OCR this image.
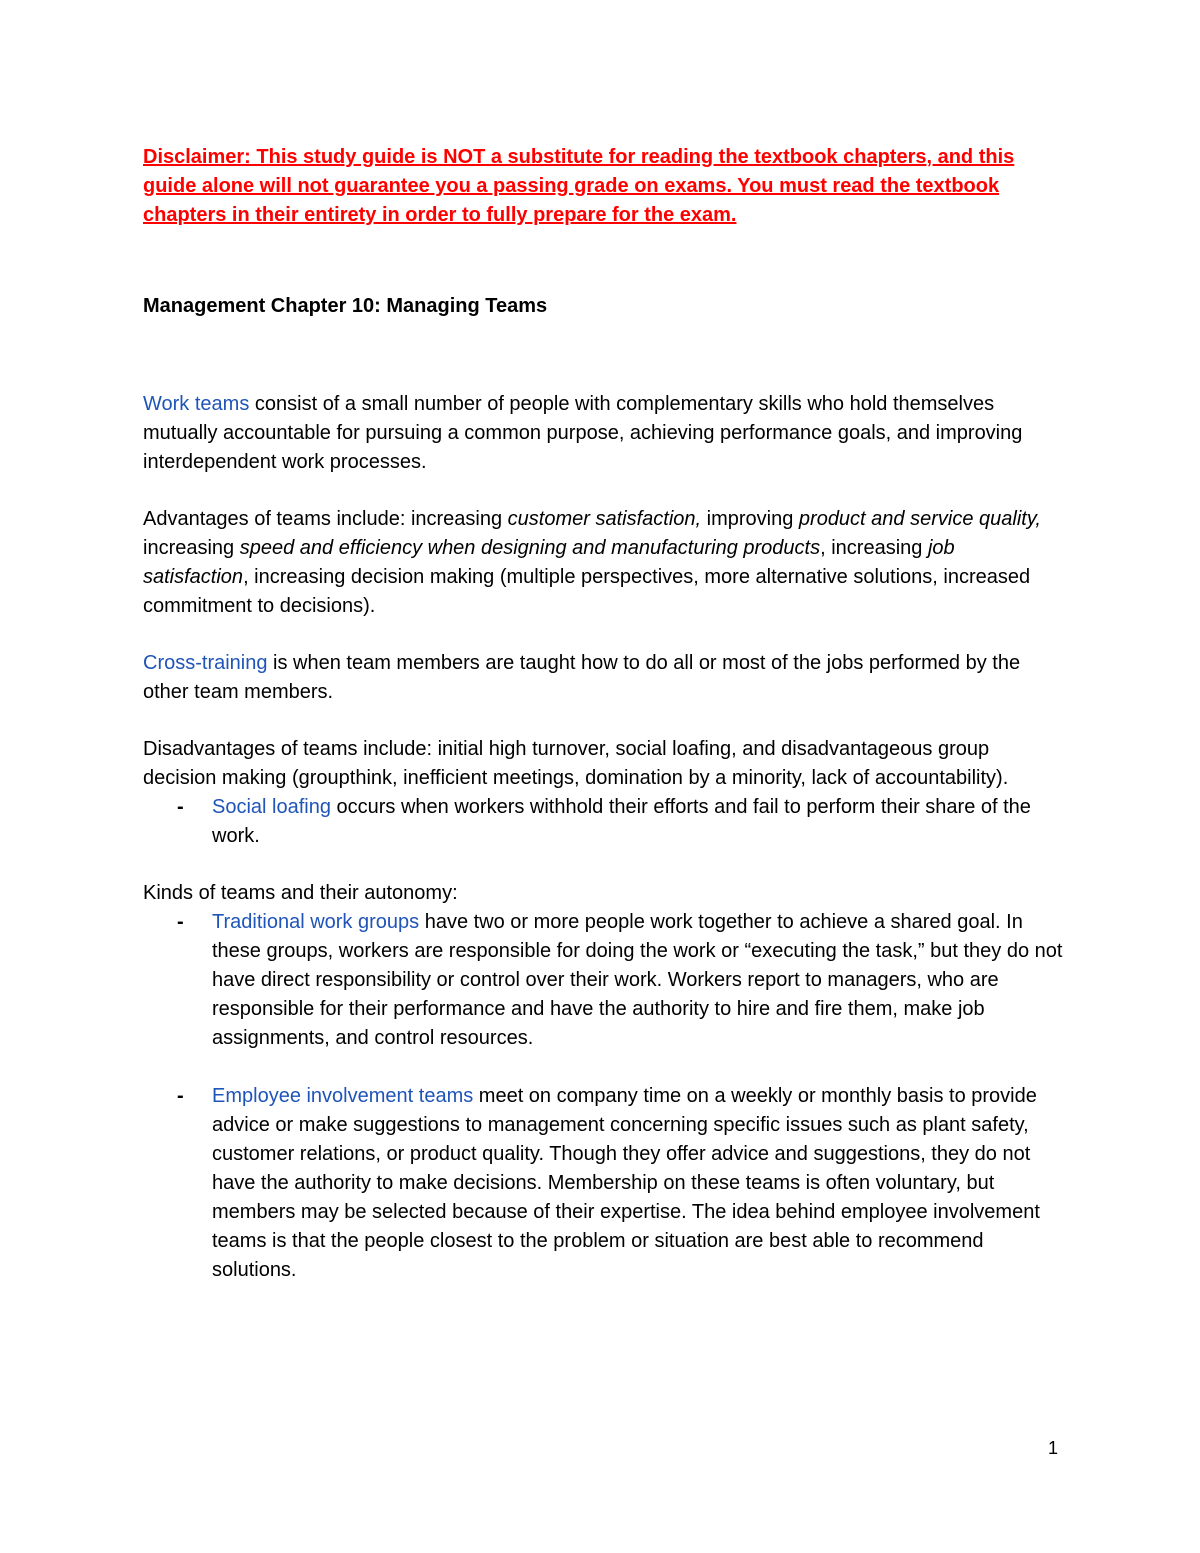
Disclaimer: This study guide is NOT a substitute for reading the textbook chapters, and this guide alone will not guarantee you a passing grade on exams. You must read the textbook chapters in their entirety in order to fully prepare for the exam.

Management Chapter 10: Managing Teams

Work teams consist of a small number of people with complementary skills who hold themselves mutually accountable for pursuing a common purpose, achieving performance goals, and improving interdependent work processes.

Advantages of teams include: increasing customer satisfaction, improving product and service quality, increasing speed and efficiency when designing and manufacturing products, increasing job satisfaction, increasing decision making (multiple perspectives, more alternative solutions, increased commitment to decisions).

Cross-training is when team members are taught how to do all or most of the jobs performed by the other team members.

Disadvantages of teams include: initial high turnover, social loafing, and disadvantageous group decision making (groupthink, inefficient meetings, domination by a minority, lack of accountability).

- Social loafing occurs when workers withhold their efforts and fail to perform their share of the work.

Kinds of teams and their autonomy:

- Traditional work groups have two or more people work together to achieve a shared goal. In these groups, workers are responsible for doing the work or “executing the task,” but they do not have direct responsibility or control over their work. Workers report to managers, who are responsible for their performance and have the authority to hire and fire them, make job assignments, and control resources.
- Employee involvement teams meet on company time on a weekly or monthly basis to provide advice or make suggestions to management concerning specific issues such as plant safety, customer relations, or product quality. Though they offer advice and suggestions, they do not have the authority to make decisions. Membership on these teams is often voluntary, but members may be selected because of their expertise. The idea behind employee involvement teams is that the people closest to the problem or situation are best able to recommend solutions.
1
